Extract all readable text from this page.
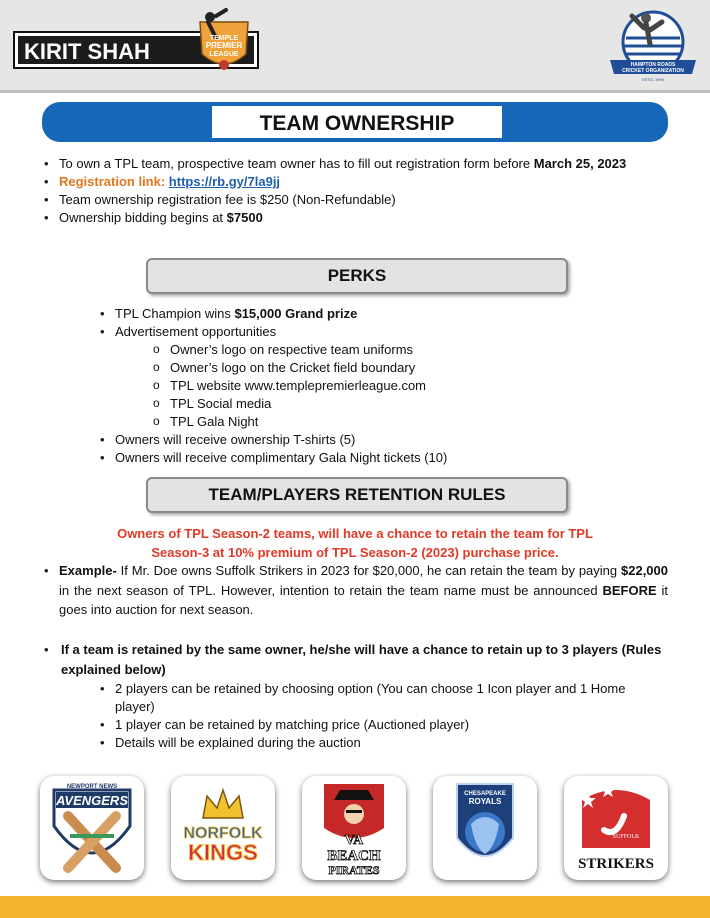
KIRIT SHAH
TEMPLE
PREMIER
LEAGUE
HAMPTON ROADS
CRICKET ORGANIZATION
ESTD. 1999
TEAM OWNERSHIP
• To own a TPL team, prospective team owner has to fill out registration form before March 25, 2023
• Registration link: https://rb.gy/7la9jj
• Team ownership registration fee is $250 (Non-Refundable)
• Ownership bidding begins at $7500
PERKS
• TPL Champion wins $15,000 Grand prize
• Advertisement opportunities
o Owner’s logo on respective team uniforms
o Owner’s logo on the Cricket field boundary
o TPL website www.templepremierleague.com
o TPL Social media
o TPL Gala Night
• Owners will receive ownership T-shirts (5)
• Owners will receive complimentary Gala Night tickets (10)
TEAM/PLAYERS RETENTION RULES
Owners of TPL Season-2 teams, will have a chance to retain the team for TPL
Season-3 at 10% premium of TPL Season-2 (2023) purchase price.
• Example- If Mr. Doe owns Suffolk Strikers in 2023 for $20,000, he can retain the team by paying $22,000 in the next season of TPL. However, intention to retain the team name must be announced BEFORE it goes into auction for next season.
• If a team is retained by the same owner, he/she will have a chance to retain up to 3 players (Rules explained below)
• 2 players can be retained by choosing option (You can choose 1 Icon player and 1 Home player)
• 1 player can be retained by matching price (Auctioned player)
• Details will be explained during the auction
NEWPORT NEWS
AVENGERS
NORFOLK
KINGS	VA
BEACH
PIRATES
CHESAPEAKE
ROYALS
SUFFOLK
STRIKERS
